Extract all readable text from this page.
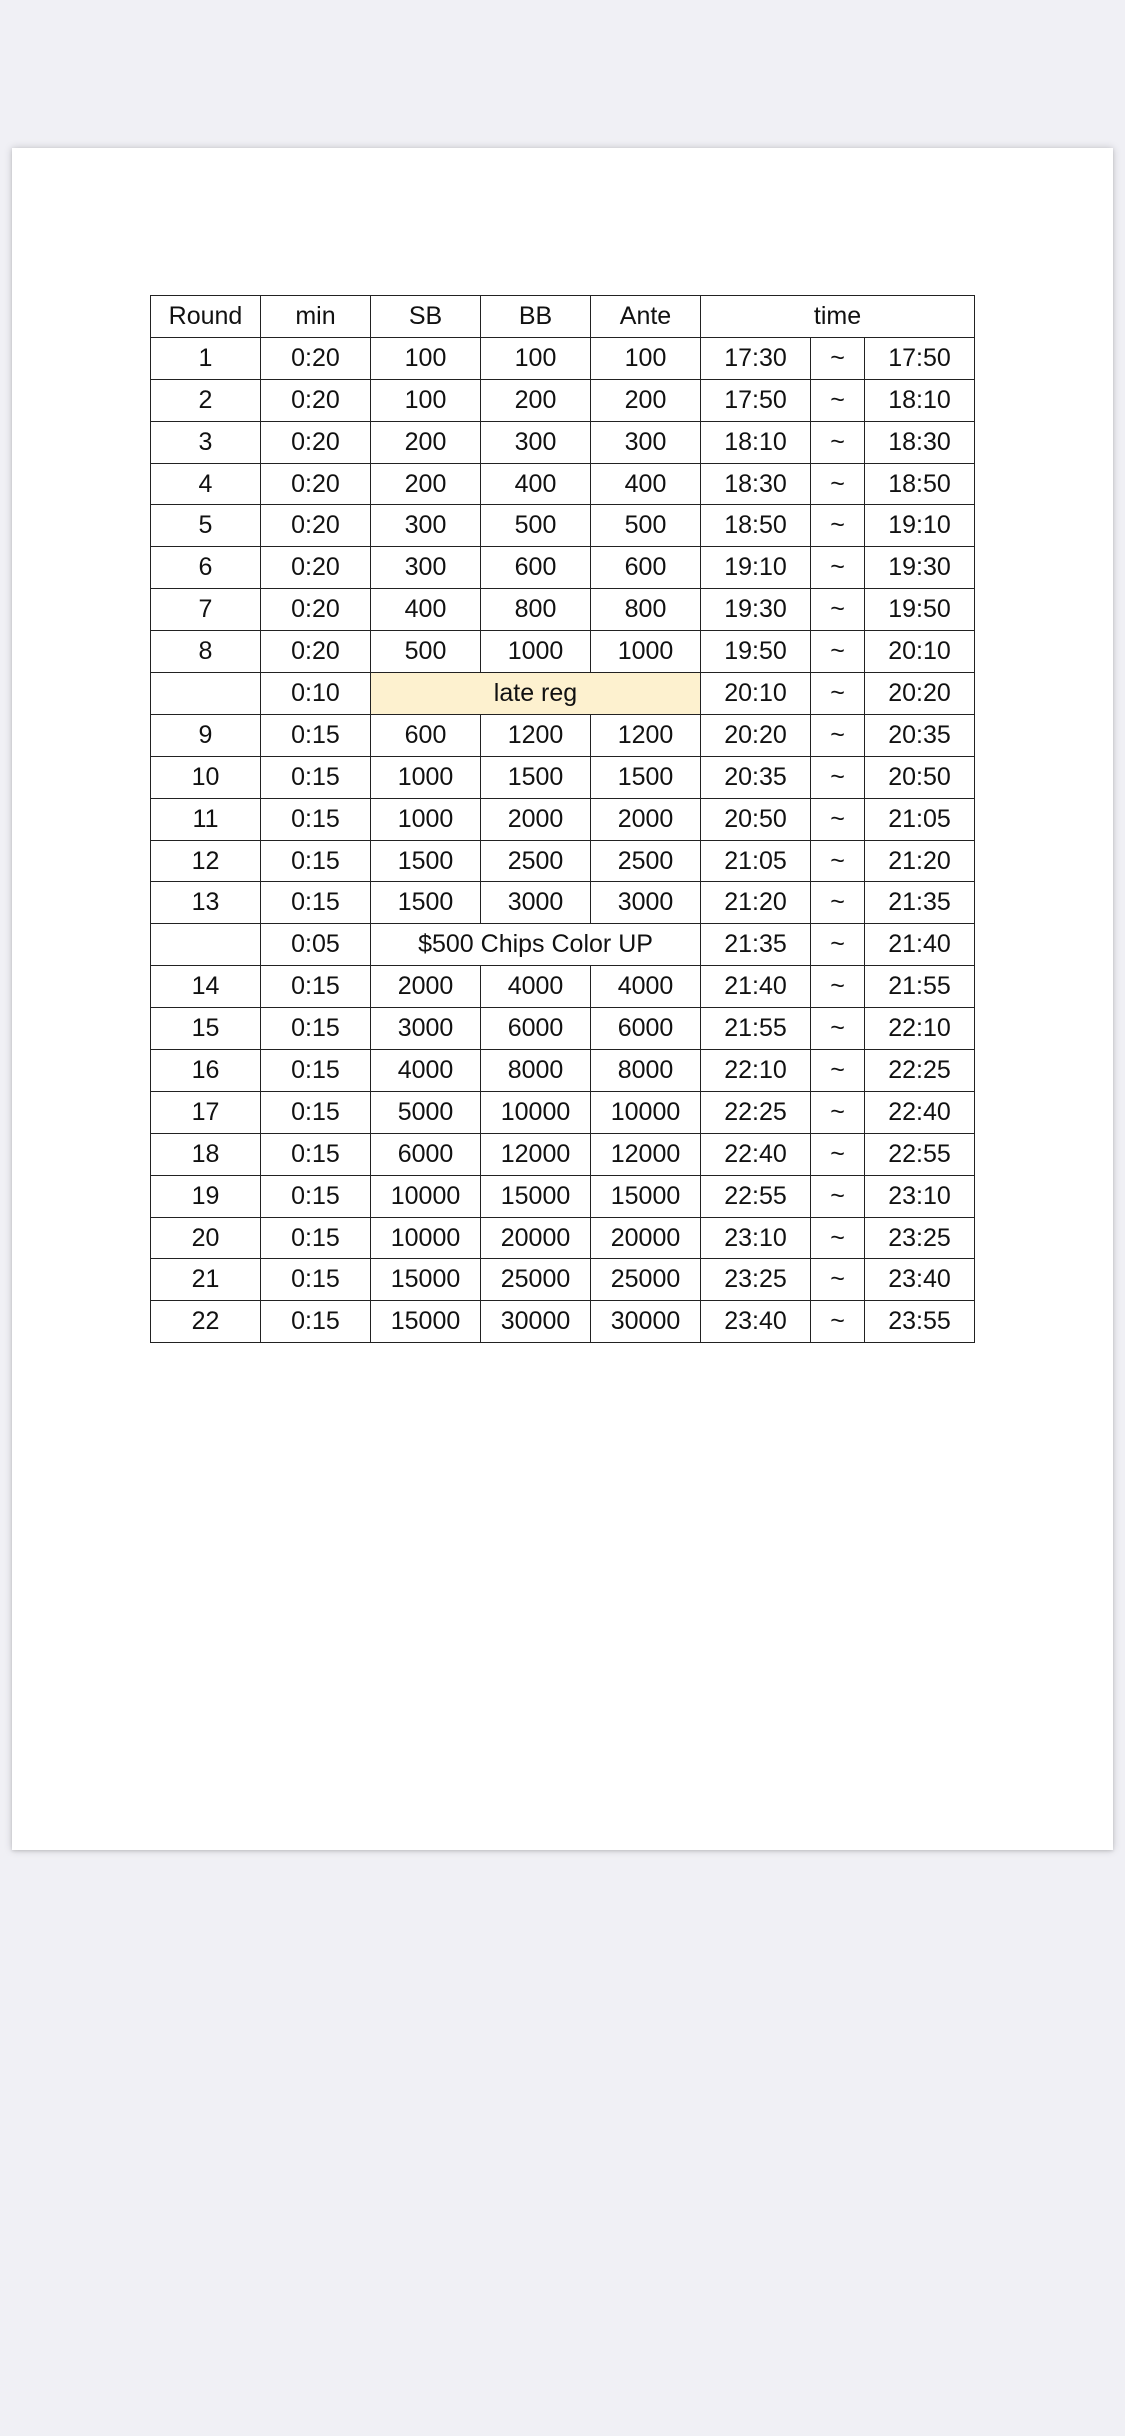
Round	min	SB	BB	Ante	time		
1	0:20	100	100	100	17:30	~	17:50
2	0:20	100	200	200	17:50	~	18:10
3	0:20	200	300	300	18:10	~	18:30
4	0:20	200	400	400	18:30	~	18:50
5	0:20	300	500	500	18:50	~	19:10
6	0:20	300	600	600	19:10	~	19:30
7	0:20	400	800	800	19:30	~	19:50
8	0:20	500	1000	1000	19:50	~	20:10
	0:10	late reg			20:10	~	20:20
9	0:15	600	1200	1200	20:20	~	20:35
10	0:15	1000	1500	1500	20:35	~	20:50
11	0:15	1000	2000	2000	20:50	~	21:05
12	0:15	1500	2500	2500	21:05	~	21:20
13	0:15	1500	3000	3000	21:20	~	21:35
	0:05	$500 Chips Color UP			21:35	~	21:40
14	0:15	2000	4000	4000	21:40	~	21:55
15	0:15	3000	6000	6000	21:55	~	22:10
16	0:15	4000	8000	8000	22:10	~	22:25
17	0:15	5000	10000	10000	22:25	~	22:40
18	0:15	6000	12000	12000	22:40	~	22:55
19	0:15	10000	15000	15000	22:55	~	23:10
20	0:15	10000	20000	20000	23:10	~	23:25
21	0:15	15000	25000	25000	23:25	~	23:40
22	0:15	15000	30000	30000	23:40	~	23:55
